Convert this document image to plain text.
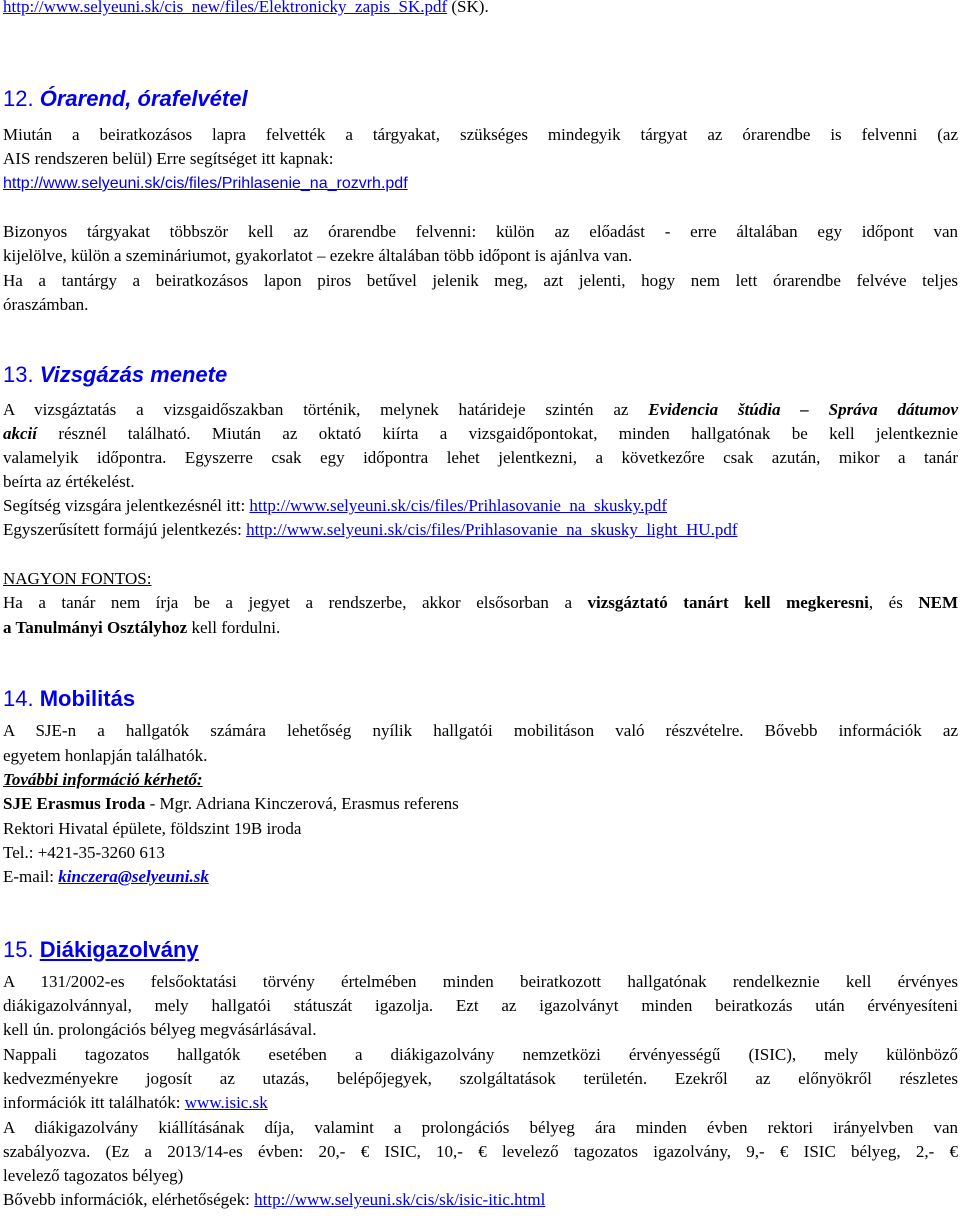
http://www.selyeuni.sk/cis_new/files/Elektronicky_zapis_SK.pdf (SK).
12. Órarend, órafelvétel
Miután a beiratkozásos lapra felvették a tárgyakat, szükséges mindegyik tárgyat az órarendbe is felvenni (az
AIS rendszeren belül) Erre segítséget itt kapnak:
http://www.selyeuni.sk/cis/files/Prihlasenie_na_rozvrh.pdf
Bizonyos tárgyakat többször kell az órarendbe felvenni: külön az előadást - erre általában egy időpont van
kijelölve, külön a szemináriumot, gyakorlatot – ezekre általában több időpont is ajánlva van.
Ha a tantárgy a beiratkozásos lapon piros betűvel jelenik meg, azt jelenti, hogy nem lett órarendbe felvéve teljes
óraszámban.
13. Vizsgázás menete
A vizsgáztatás a vizsgaidőszakban történik, melynek határideje szintén az Evidencia štúdia – Správa dátumov
akcií résznél található. Miután az oktató kiírta a vizsgaidőpontokat, minden hallgatónak be kell jelentkeznie
valamelyik időpontra. Egyszerre csak egy időpontra lehet jelentkezni, a következőre csak azután, mikor a tanár
beírta az értékelést.
Segítség vizsgára jelentkezésnél itt: http://www.selyeuni.sk/cis/files/Prihlasovanie_na_skusky.pdf
Egyszerűsített formájú jelentkezés: http://www.selyeuni.sk/cis/files/Prihlasovanie_na_skusky_light_HU.pdf
NAGYON FONTOS:
Ha a tanár nem írja be a jegyet a rendszerbe, akkor elsősorban a vizsgáztató tanárt kell megkeresni, és NEM
a Tanulmányi Osztályhoz kell fordulni.
14. Mobilitás
A SJE-n a hallgatók számára lehetőség nyílik hallgatói mobilitáson való részvételre. Bővebb információk az
egyetem honlapján találhatók.
További információ kérhető:
SJE Erasmus Iroda - Mgr. Adriana Kinczerová, Erasmus referens
Rektori Hivatal épülete, földszint 19B iroda
Tel.: +421-35-3260 613
E-mail: kinczera@selyeuni.sk
15. Diákigazolvány
A 131/2002-es felsőoktatási törvény értelmében minden beiratkozott hallgatónak rendelkeznie kell érvényes
diákigazolvánnyal, mely hallgatói státuszát igazolja. Ezt az igazolványt minden beiratkozás után érvényesíteni
kell ún. prolongációs bélyeg megvásárlásával.
Nappali tagozatos hallgatók esetében a diákigazolvány nemzetközi érvényességű (ISIC), mely különböző
kedvezményekre jogosít az utazás, belépőjegyek, szolgáltatások területén. Ezekről az előnyökről részletes
információk itt találhatók: www.isic.sk
A diákigazolvány kiállításának díja, valamint a prolongációs bélyeg ára minden évben rektori irányelvben van
szabályozva. (Ez a 2013/14-es évben: 20,- € ISIC, 10,- € levelező tagozatos igazolvány, 9,- € ISIC bélyeg, 2,- €
levelező tagozatos bélyeg)
Bővebb információk, elérhetőségek: http://www.selyeuni.sk/cis/sk/isic-itic.html
